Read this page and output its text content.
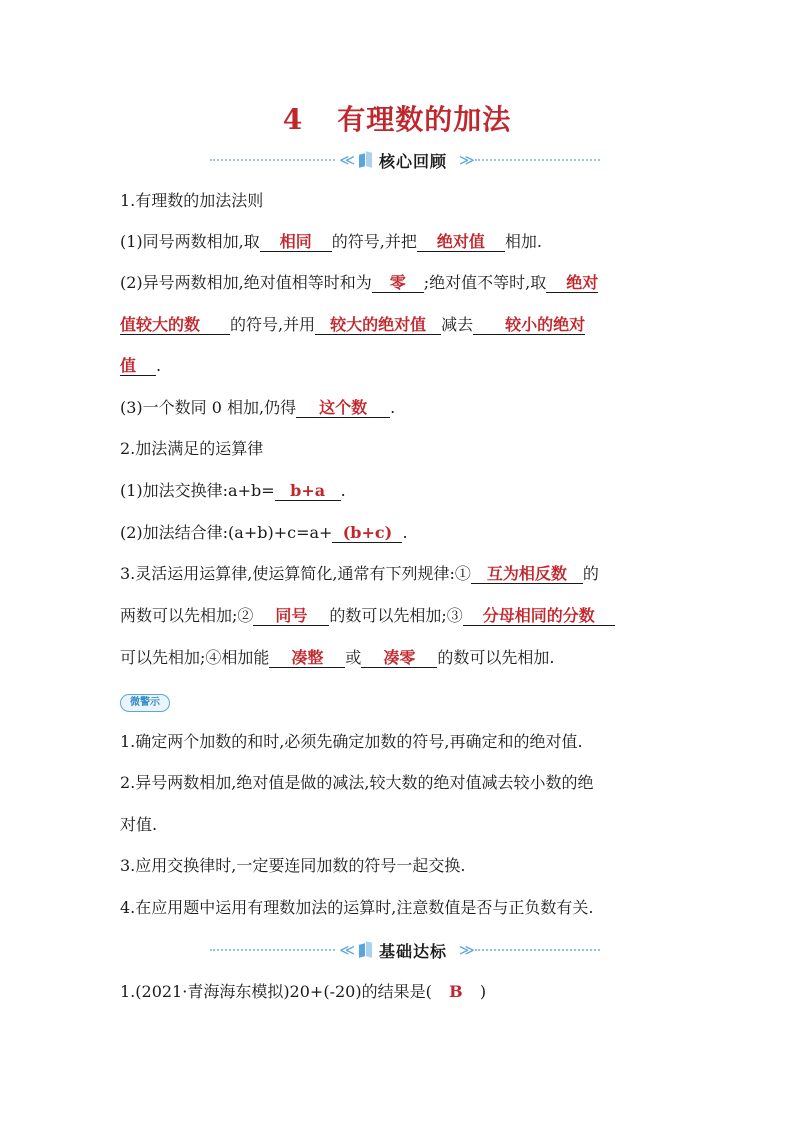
4 有理数的加法
≪ 核心回顾 ≫
1.有理数的加法法则
(1)同号两数相加,取 相同 的符号,并把 绝对值 相加.
(2)异号两数相加,绝对值相等时和为 零 ;绝对值不等时,取 绝对
值较大的数 的符号,并用 较大的绝对值 减去 较小的绝对
值 .
(3)一个数同 0 相加,仍得 这个数 .
2.加法满足的运算律
(1)加法交换律:a+b= b+a .
(2)加法结合律:(a+b)+c=a+ (b+c) .
3.灵活运用运算律,使运算简化,通常有下列规律:① 互为相反数 的
两数可以先相加;② 同号 的数可以先相加;③ 分母相同的分数
可以先相加;④相加能 凑整 或 凑零 的数可以先相加.
微警示
1.确定两个加数的和时,必须先确定加数的符号,再确定和的绝对值.
2.异号两数相加,绝对值是做的减法,较大数的绝对值减去较小数的绝
对值.
3.应用交换律时,一定要连同加数的符号一起交换.
4.在应用题中运用有理数加法的运算时,注意数值是否与正负数有关.
≪ 基础达标 ≫
1.(2021·青海海东模拟)20+(-20)的结果是( B )
